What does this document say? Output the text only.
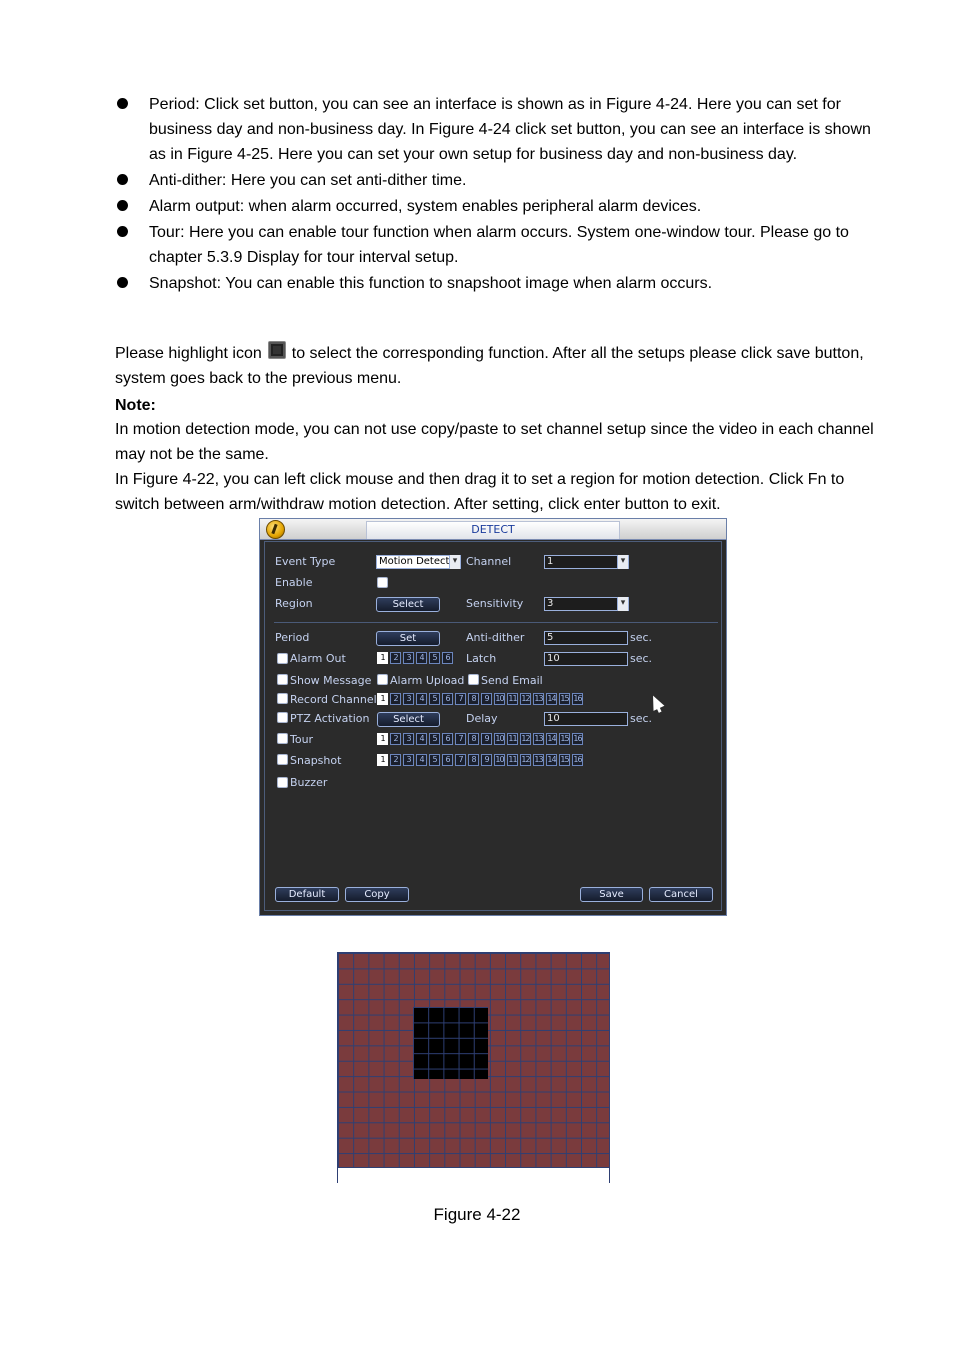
Period: Click set button, you can see an interface is shown as in Figure 4-24. Here you can set for business day and non-business day. In Figure 4-24 click set button, you can see an interface is shown as in Figure 4-25. Here you can set your own setup for business day and non-business day.
Anti-dither: Here you can set anti-dither time.
Alarm output: when alarm occurred, system enables peripheral alarm devices.
Tour: Here you can enable tour function when alarm occurs. System one-window tour. Please go to chapter 5.3.9 Display for tour interval setup.
Snapshot: You can enable this function to snapshoot image when alarm occurs.

Please highlight icon to select the corresponding function. After all the setups please click save button, system goes back to the previous menu.

Note:

In motion detection mode, you can not use copy/paste to set channel setup since the video in each channel may not be the same.

In Figure 4-22, you can left click mouse and then drag it to set a region for motion detection. Click Fn to switch between arm/withdraw motion detection. After setting, click enter button to exit.

DETECT
Event Type	Motion Detect ▾	Channel	1 ▾
Enable
Region	Select	Sensitivity	3 ▾
Period	Set	Anti-dither	5	sec.
Alarm Out	1	2	3	4	5	6	Latch	10	sec.
Show Message Alarm Upload Send Email
Record Channel 1	2	3	4	5	6	7	8	9 10 11 12 13 14 15 16
PTZ Activation	Select	Delay	10	sec.
Tour	1	2	3	4	5	6	7	8	9 10 11 12 13 14 15 16
Snapshot	1	2	3	4	5	6	7	8	9 10 11 12 13 14 15 16
Buzzer
Default	Copy	Save	Cancel
Figure 4-22
